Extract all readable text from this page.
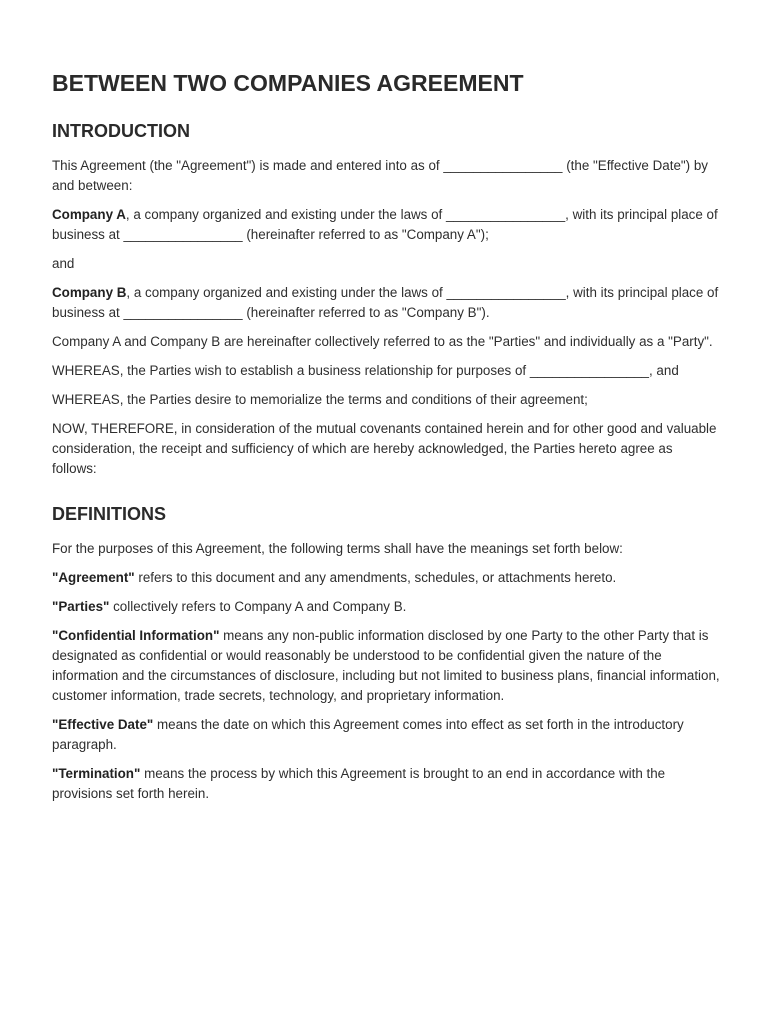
BETWEEN TWO COMPANIES AGREEMENT
INTRODUCTION

This Agreement (the "Agreement") is made and entered into as of ________________ (the "Effective Date") by and between:

Company A, a company organized and existing under the laws of ________________, with its principal place of business at ________________ (hereinafter referred to as "Company A");

and

Company B, a company organized and existing under the laws of ________________, with its principal place of business at ________________ (hereinafter referred to as "Company B").

Company A and Company B are hereinafter collectively referred to as the "Parties" and individually as a "Party".

WHEREAS, the Parties wish to establish a business relationship for purposes of ________________, and

WHEREAS, the Parties desire to memorialize the terms and conditions of their agreement;

NOW, THEREFORE, in consideration of the mutual covenants contained herein and for other good and valuable consideration, the receipt and sufficiency of which are hereby acknowledged, the Parties hereto agree as follows:

DEFINITIONS

For the purposes of this Agreement, the following terms shall have the meanings set forth below:

"Agreement" refers to this document and any amendments, schedules, or attachments hereto.

"Parties" collectively refers to Company A and Company B.

"Confidential Information" means any non-public information disclosed by one Party to the other Party that is designated as confidential or would reasonably be understood to be confidential given the nature of the information and the circumstances of disclosure, including but not limited to business plans, financial information, customer information, trade secrets, technology, and proprietary information.

"Effective Date" means the date on which this Agreement comes into effect as set forth in the introductory paragraph.

"Termination" means the process by which this Agreement is brought to an end in accordance with the provisions set forth herein.
